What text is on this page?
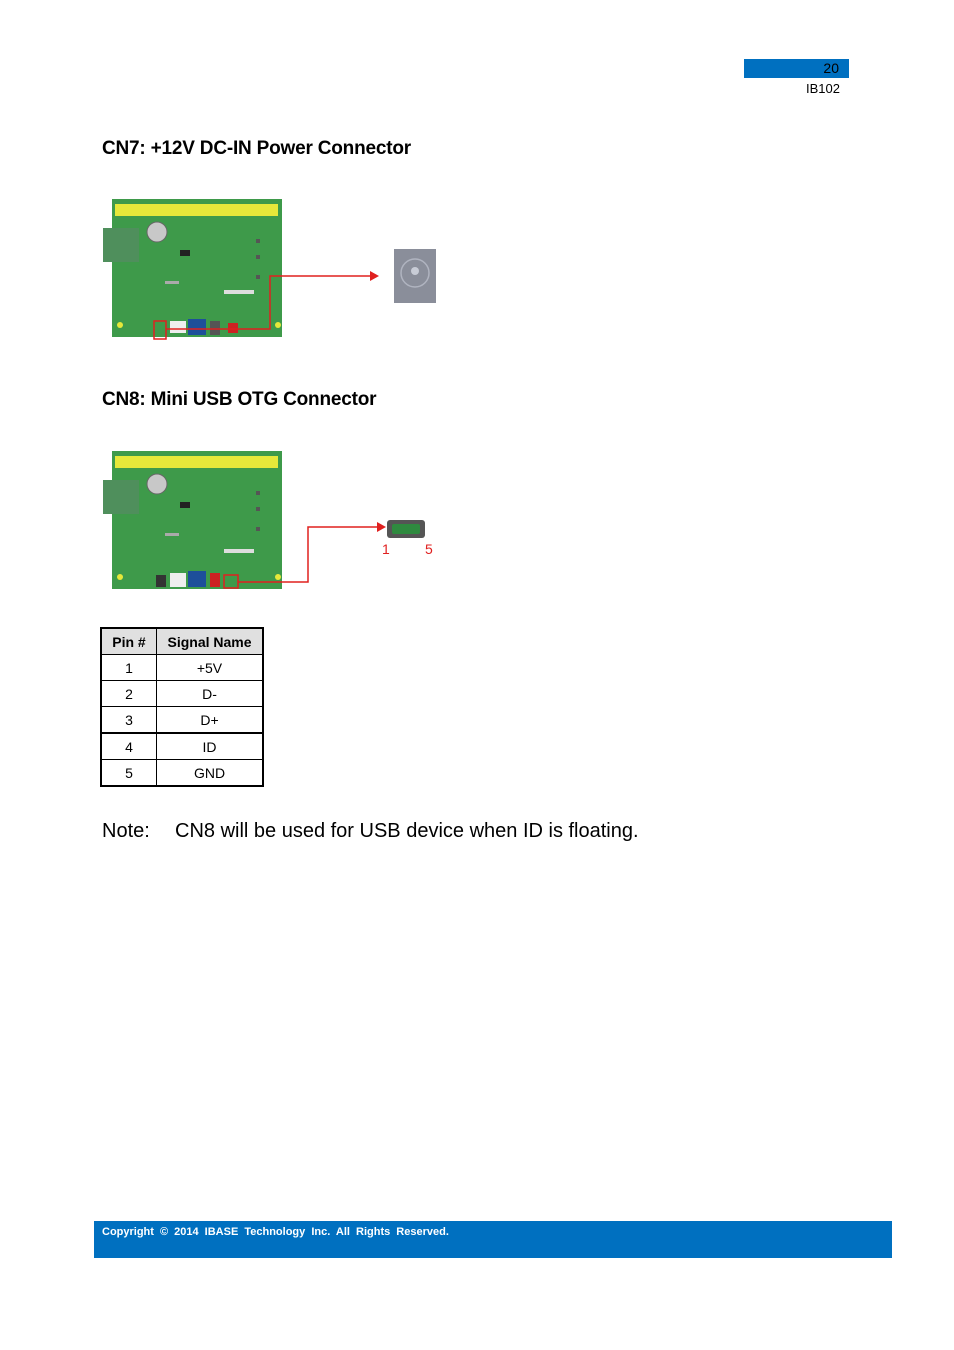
20
IB102
CN7: +12V DC-IN Power Connector
CN8: Mini USB OTG Connector
1	5
Pin #	Signal Name
1	+5V
2	D-
3	D+
4	ID
5	GND
Note: CN8 will be used for USB device when ID is floating.
Copyright © 2014 IBASE Technology Inc. All Rights Reserved.
